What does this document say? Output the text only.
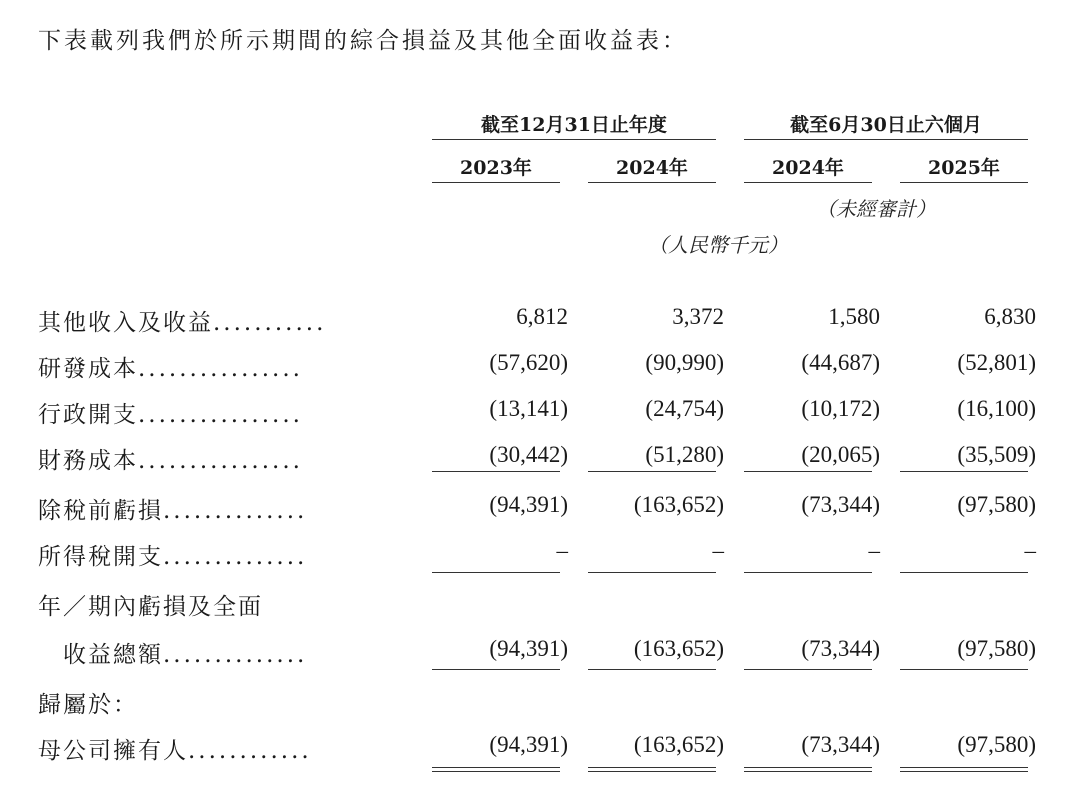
下表載列我們於所示期間的綜合損益及其他全面收益表：
截至12月31日止年度	截至6月30日止六個月
2023年	2024年	2024年	2025年
（未經審計）
（人民幣千元）
其他收入及收益...........	6,812	3,372	1,580	6,830
研發成本................	(57,620)	(90,990)	(44,687)	(52,801)
行政開支................	(13,141)	(24,754)	(10,172)	(16,100)
財務成本................	(30,442)	(51,280)	(20,065)	(35,509)
除稅前虧損..............	(94,391)	(163,652)	(73,344)	(97,580)
所得稅開支..............	–	–	–	–
年／期內虧損及全面
　收益總額..............	(94,391)	(163,652)	(73,344)	(97,580)
歸屬於：
母公司擁有人............	(94,391)	(163,652)	(73,344)	(97,580)
